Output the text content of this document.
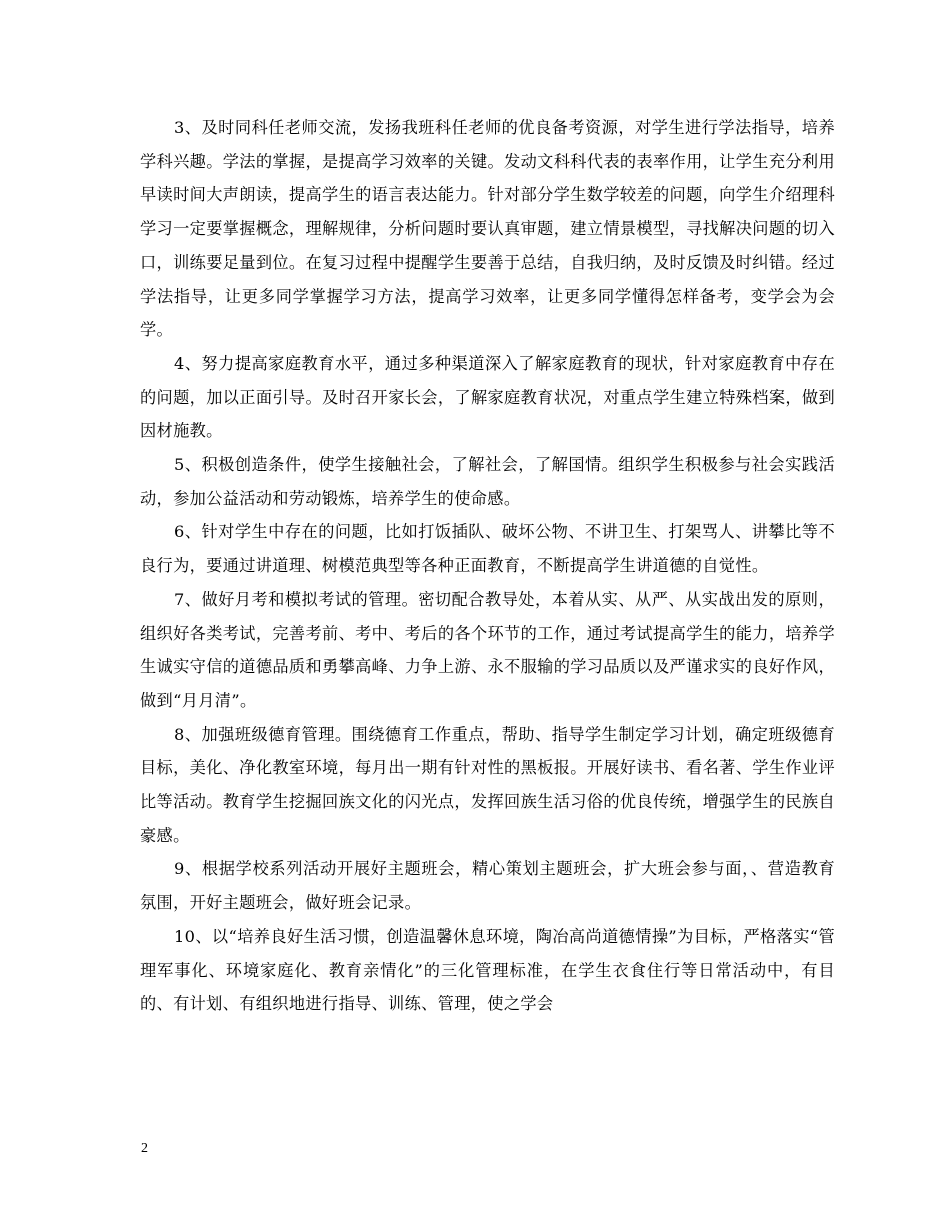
3、及时同科任老师交流，发扬我班科任老师的优良备考资源，对学生进行学法指导，培养学科兴趣。学法的掌握，是提高学习效率的关键。发动文科科代表的表率作用，让学生充分利用早读时间大声朗读，提高学生的语言表达能力。针对部分学生数学较差的问题，向学生介绍理科学习一定要掌握概念，理解规律，分析问题时要认真审题，建立情景模型，寻找解决问题的切入口，训练要足量到位。在复习过程中提醒学生要善于总结，自我归纳，及时反馈及时纠错。经过学法指导，让更多同学掌握学习方法，提高学习效率，让更多同学懂得怎样备考，变学会为会学。

4、努力提高家庭教育水平，通过多种渠道深入了解家庭教育的现状，针对家庭教育中存在的问题，加以正面引导。及时召开家长会，了解家庭教育状况，对重点学生建立特殊档案，做到因材施教。

5、积极创造条件，使学生接触社会，了解社会，了解国情。组织学生积极参与社会实践活动，参加公益活动和劳动锻炼，培养学生的使命感。

6、针对学生中存在的问题，比如打饭插队、破坏公物、不讲卫生、打架骂人、讲攀比等不良行为，要通过讲道理、树模范典型等各种正面教育，不断提高学生讲道德的自觉性。

7、做好月考和模拟考试的管理。密切配合教导处，本着从实、从严、从实战出发的原则，组织好各类考试，完善考前、考中、考后的各个环节的工作，通过考试提高学生的能力，培养学生诚实守信的道德品质和勇攀高峰、力争上游、永不服输的学习品质以及严谨求实的良好作风，做到“月月清”。

8、加强班级德育管理。围绕德育工作重点，帮助、指导学生制定学习计划，确定班级德育目标，美化、净化教室环境，每月出一期有针对性的黑板报。开展好读书、看名著、学生作业评比等活动。教育学生挖掘回族文化的闪光点，发挥回族生活习俗的优良传统，增强学生的民族自豪感。

9、根据学校系列活动开展好主题班会，精心策划主题班会，扩大班会参与面，、营造教育氛围，开好主题班会，做好班会记录。

10、以“培养良好生活习惯，创造温馨休息环境，陶冶高尚道德情操”为目标，严格落实“管理军事化、环境家庭化、教育亲情化”的三化管理标准，在学生衣食住行等日常活动中，有目的、有计划、有组织地进行指导、训练、管理，使之学会

2
